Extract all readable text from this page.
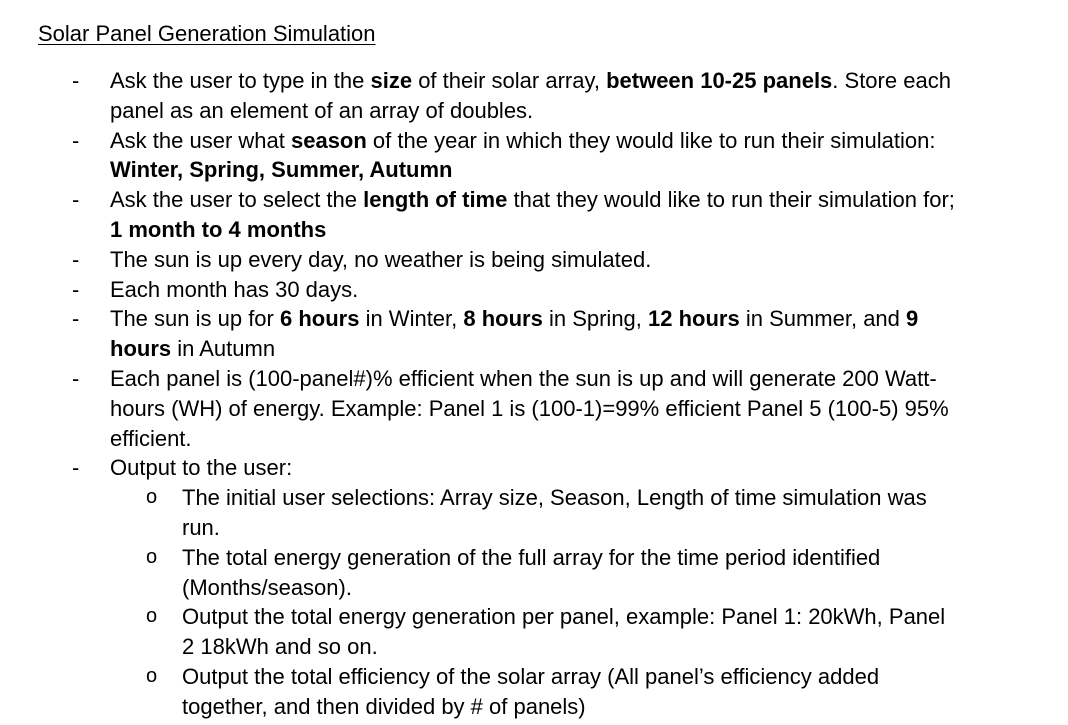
Solar Panel Generation Simulation
- Ask the user to type in the size of their solar array, between 10-25 panels. Store each panel as an element of an array of doubles.
- Ask the user what season of the year in which they would like to run their simulation: Winter, Spring, Summer, Autumn
- Ask the user to select the length of time that they would like to run their simulation for; 1 month to 4 months
- The sun is up every day, no weather is being simulated.
- Each month has 30 days.
- The sun is up for 6 hours in Winter, 8 hours in Spring, 12 hours in Summer, and 9 hours in Autumn
- Each panel is (100-panel#)% efficient when the sun is up and will generate 200 Watt-hours (WH) of energy. Example: Panel 1 is (100-1)=99% efficient Panel 5 (100-5) 95% efficient.
- Output to the user:
o The initial user selections: Array size, Season, Length of time simulation was run.
o The total energy generation of the full array for the time period identified (Months/season).
o Output the total energy generation per panel, example: Panel 1: 20kWh, Panel 2 18kWh and so on.
o Output the total efficiency of the solar array (All panel’s efficiency added together, and then divided by # of panels)
